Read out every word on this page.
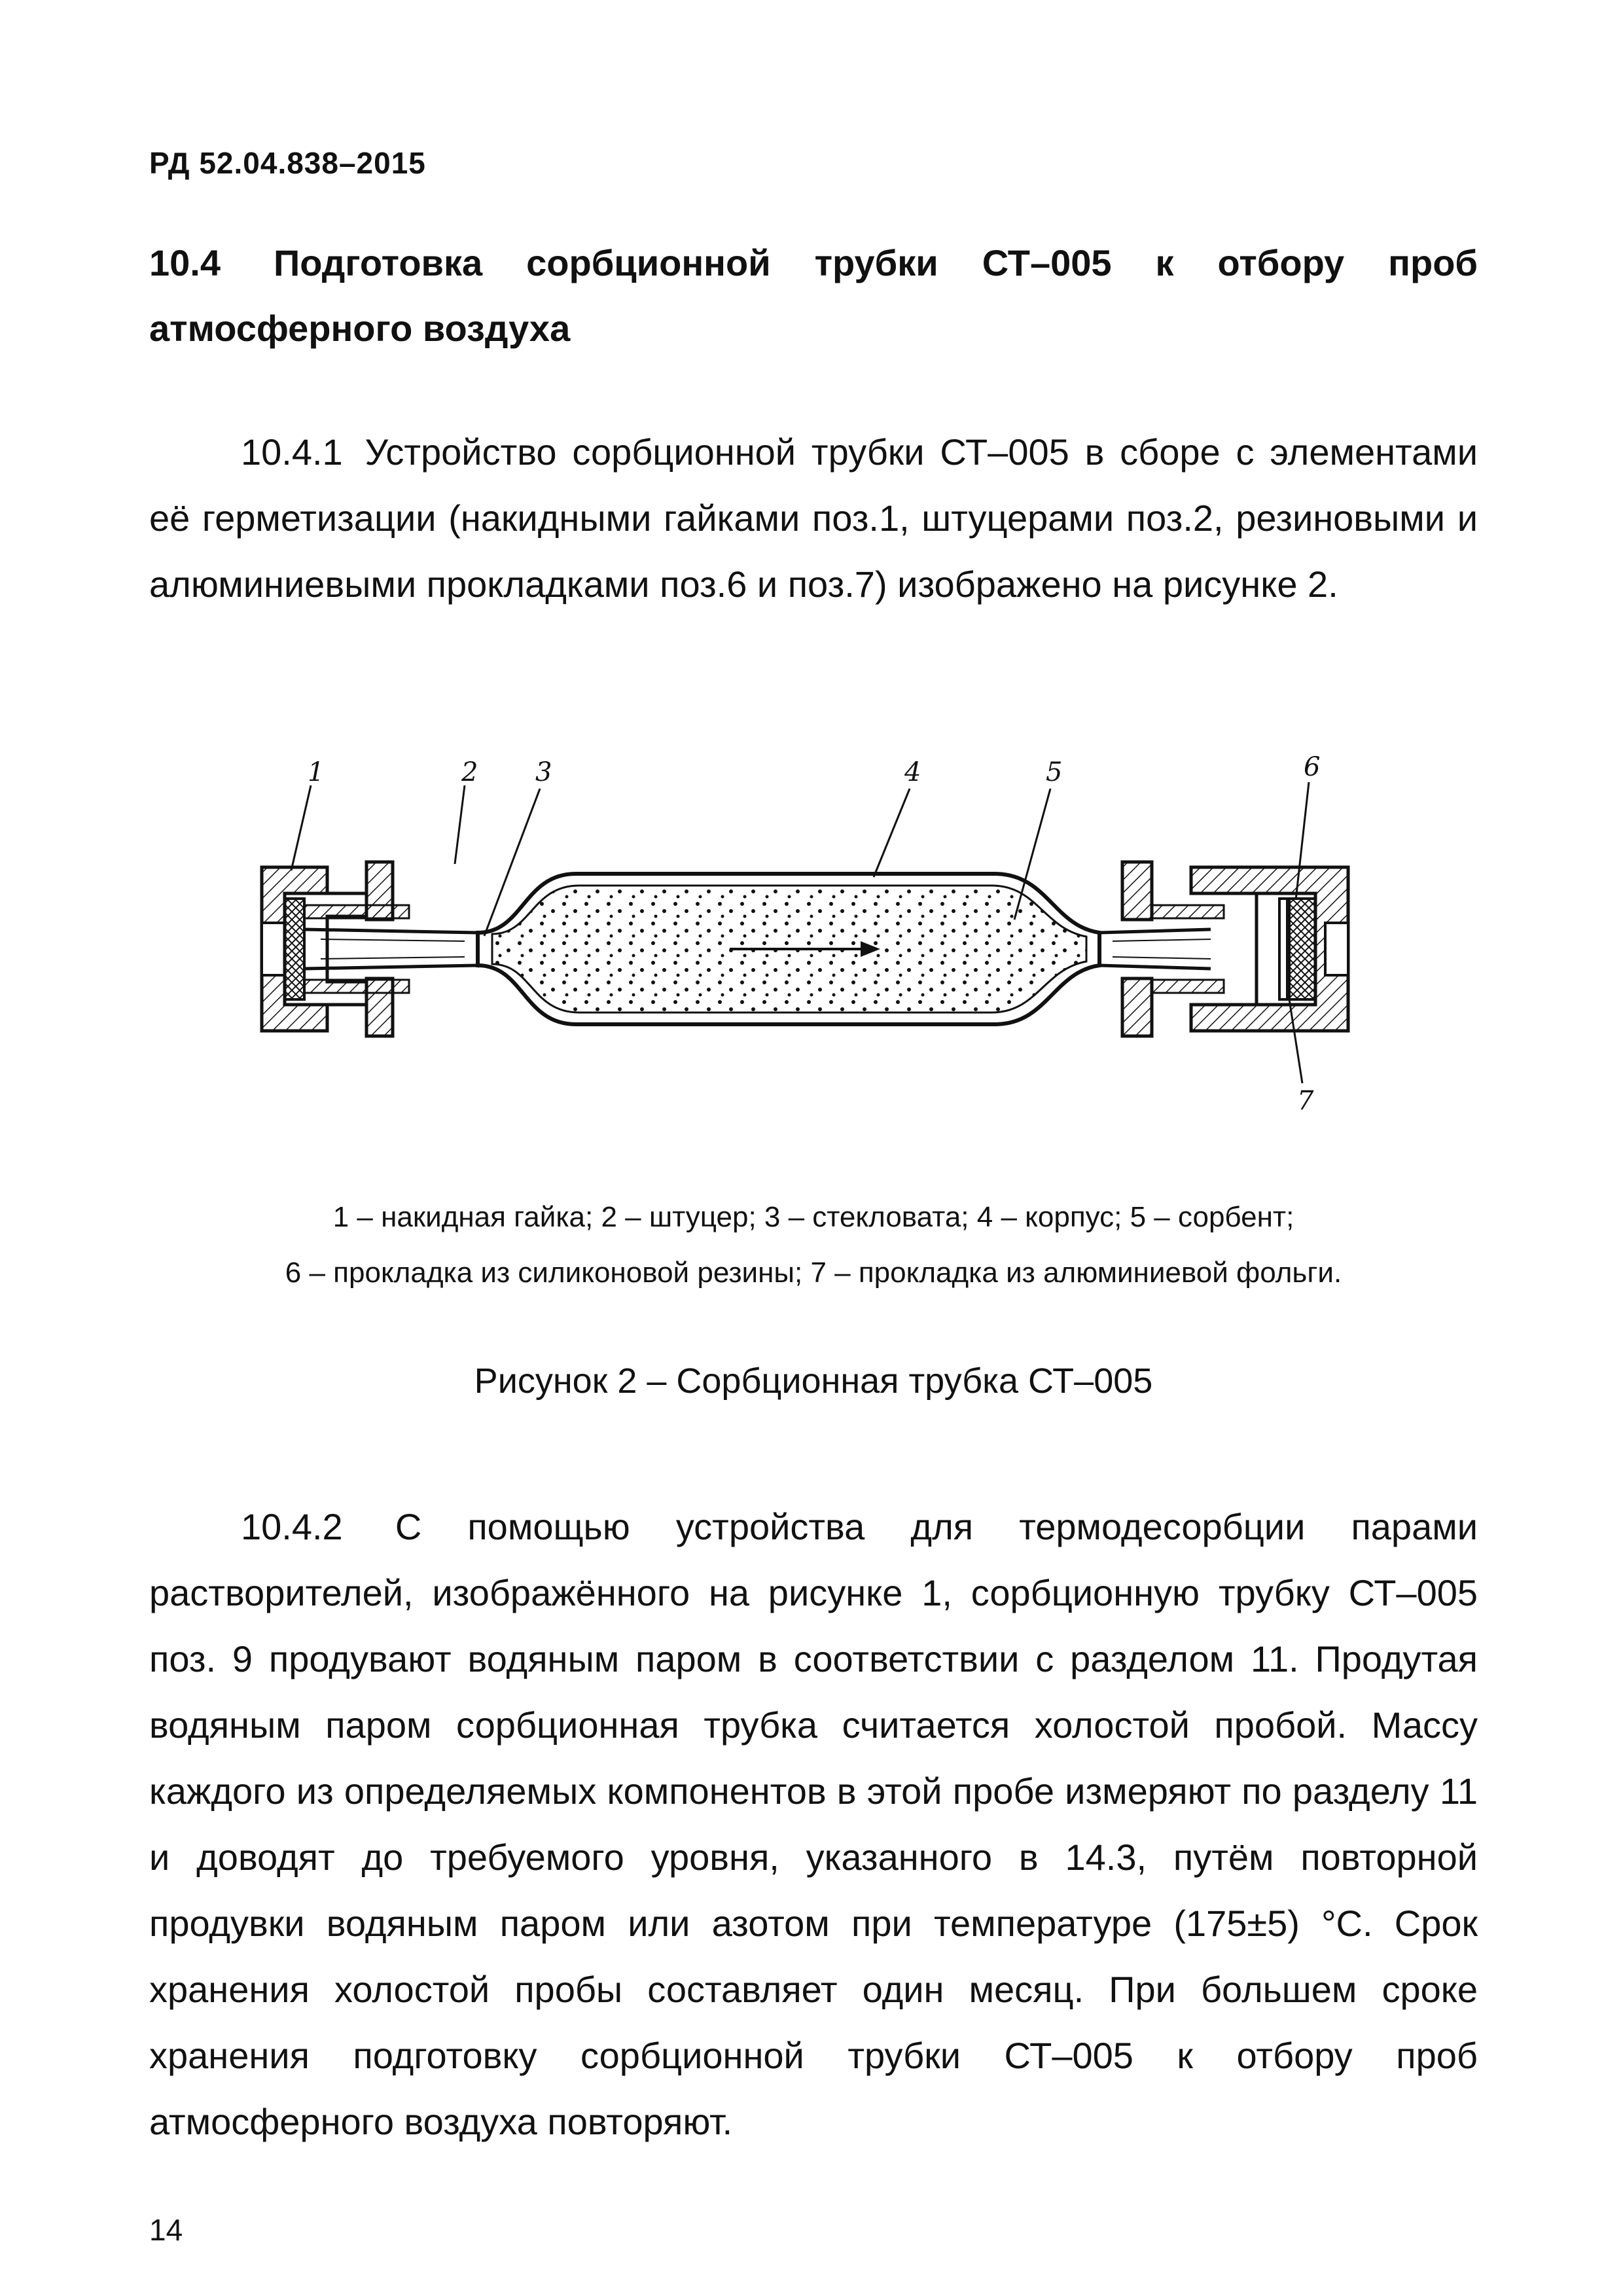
РД 52.04.838–2015
10.4 Подготовка сорбционной трубки СТ–005 к отбору проб атмосферного воздуха
10.4.1 Устройство сорбционной трубки СТ–005 в сборе с элементами её герметизации (накидными гайками поз.1, штуцерами поз.2, резиновыми и алюминиевыми прокладками поз.6 и поз.7) изображено на рисунке 2.
1	2 3	4	5	6
7
1 – накидная гайка; 2 – штуцер; 3 – стекловата; 4 – корпус; 5 – сорбент;
6 – прокладка из силиконовой резины; 7 – прокладка из алюминиевой фольги.
Рисунок 2 – Сорбционная трубка СТ–005
10.4.2 С помощью устройства для термодесорбции парами растворителей, изображённого на рисунке 1, сорбционную трубку СТ–005 поз. 9 продувают водяным паром в соответствии с разделом 11. Продутая водяным паром сорбционная трубка считается холостой пробой. Массу каждого из определяемых компонентов в этой пробе измеряют по разделу 11 и доводят до требуемого уровня, указанного в 14.3, путём повторной продувки водяным паром или азотом при температуре (175±5) °С. Срок хранения холостой пробы составляет один месяц. При большем сроке хранения подготовку сорбционной трубки СТ–005 к отбору проб атмосферного воздуха повторяют.
14
